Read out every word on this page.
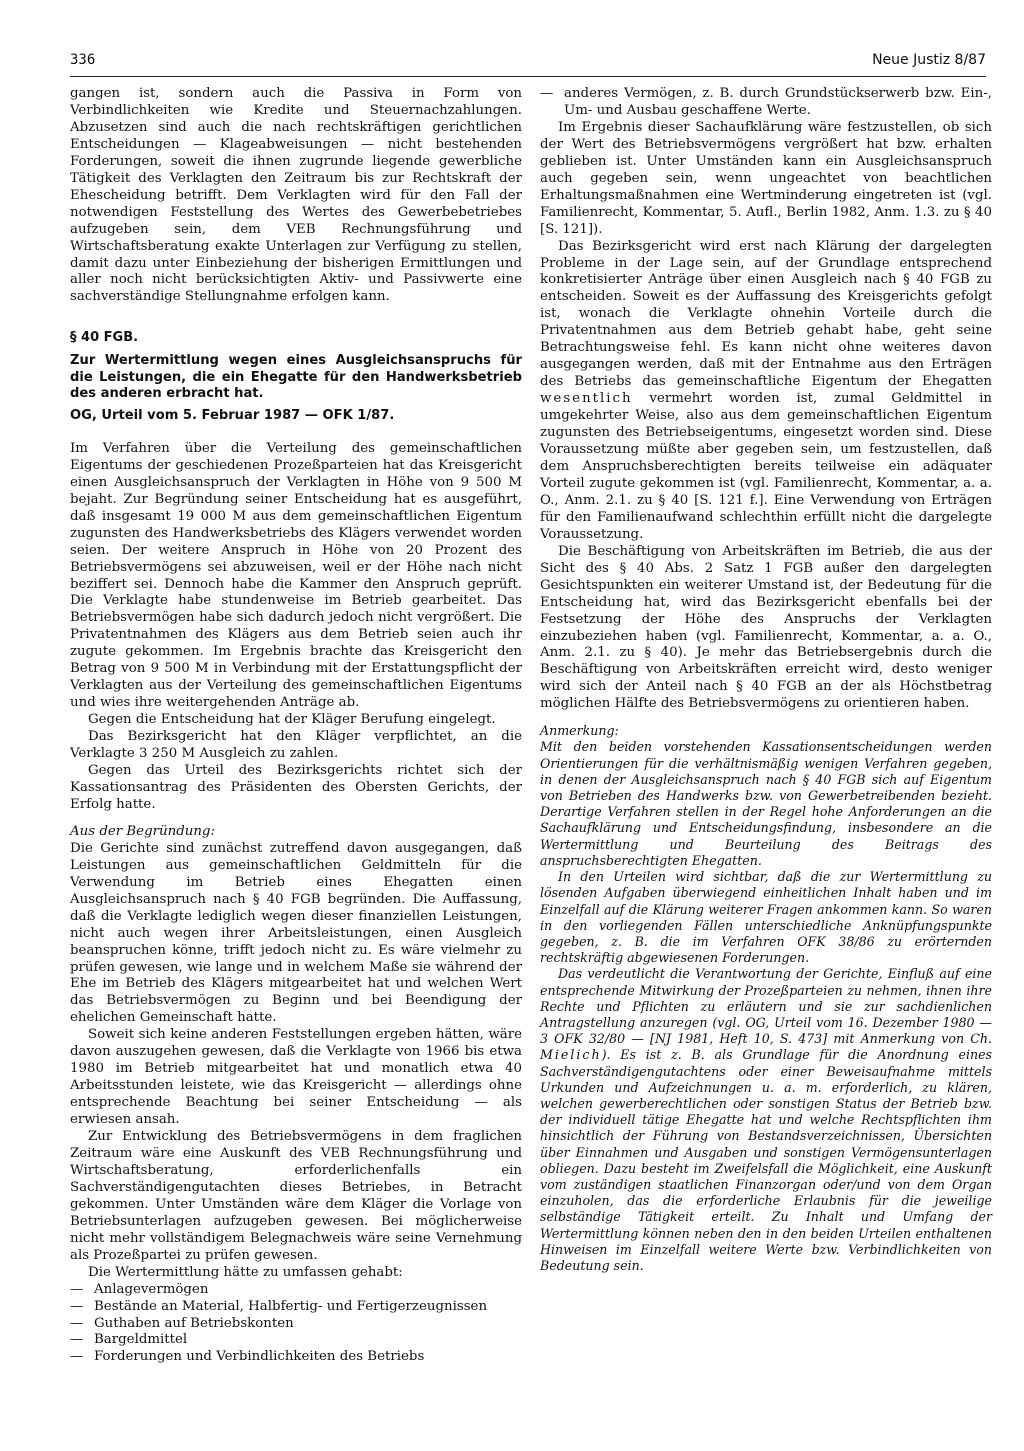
336	Neue Justiz 8/87

gangen ist, sondern auch die Passiva in Form von Verbindlichkeiten wie Kredite und Steuernachzahlungen. Abzusetzen sind auch die nach rechtskräftigen gerichtlichen Entscheidungen — Klageabweisungen — nicht bestehenden Forderungen, soweit die ihnen zugrunde liegende gewerbliche Tätigkeit des Verklagten den Zeitraum bis zur Rechtskraft der Ehescheidung betrifft. Dem Verklagten wird für den Fall der notwendigen Feststellung des Wertes des Gewerbebetriebes aufzugeben sein, dem VEB Rechnungsführung und Wirtschaftsberatung exakte Unterlagen zur Verfügung zu stellen, damit dazu unter Einbeziehung der bisherigen Ermittlungen und aller noch nicht berücksichtigten Aktiv- und Passivwerte eine sachverständige Stellungnahme erfolgen kann.

§ 40 FGB.

Zur Wertermittlung wegen eines Ausgleichsanspruchs für die Leistungen, die ein Ehegatte für den Handwerksbetrieb des anderen erbracht hat.

OG, Urteil vom 5. Februar 1987 — OFK 1/87.

Im Verfahren über die Verteilung des gemeinschaftlichen Eigentums der geschiedenen Prozeßparteien hat das Kreisgericht einen Ausgleichsanspruch der Verklagten in Höhe von 9 500 M bejaht. Zur Begründung seiner Entscheidung hat es ausgeführt, daß insgesamt 19 000 M aus dem gemeinschaftlichen Eigentum zugunsten des Handwerksbetriebs des Klägers verwendet worden seien. Der weitere Anspruch in Höhe von 20 Prozent des Betriebsvermögens sei abzuweisen, weil er der Höhe nach nicht beziffert sei. Dennoch habe die Kammer den Anspruch geprüft. Die Verklagte habe stundenweise im Betrieb gearbeitet. Das Betriebsvermögen habe sich dadurch jedoch nicht vergrößert. Die Privatentnahmen des Klägers aus dem Betrieb seien auch ihr zugute gekommen. Im Ergebnis brachte das Kreisgericht den Betrag von 9 500 M in Verbindung mit der Erstattungspflicht der Verklagten aus der Verteilung des gemeinschaftlichen Eigentums und wies ihre weitergehenden Anträge ab.

Gegen die Entscheidung hat der Kläger Berufung eingelegt.

Das Bezirksgericht hat den Kläger verpflichtet, an die Verklagte 3 250 M Ausgleich zu zahlen.

Gegen das Urteil des Bezirksgerichts richtet sich der Kassationsantrag des Präsidenten des Obersten Gerichts, der Erfolg hatte.

Aus der Begründung:

Die Gerichte sind zunächst zutreffend davon ausgegangen, daß Leistungen aus gemeinschaftlichen Geldmitteln für die Verwendung im Betrieb eines Ehegatten einen Ausgleichsanspruch nach § 40 FGB begründen. Die Auffassung, daß die Verklagte lediglich wegen dieser finanziellen Leistungen, nicht auch wegen ihrer Arbeitsleistungen, einen Ausgleich beanspruchen könne, trifft jedoch nicht zu. Es wäre vielmehr zu prüfen gewesen, wie lange und in welchem Maße sie während der Ehe im Betrieb des Klägers mitgearbeitet hat und welchen Wert das Betriebsvermögen zu Beginn und bei Beendigung der ehelichen Gemeinschaft hatte.

Soweit sich keine anderen Feststellungen ergeben hätten, wäre davon auszugehen gewesen, daß die Verklagte von 1966 bis etwa 1980 im Betrieb mitgearbeitet hat und monatlich etwa 40 Arbeitsstunden leistete, wie das Kreisgericht — allerdings ohne entsprechende Beachtung bei seiner Entscheidung — als erwiesen ansah.

Zur Entwicklung des Betriebsvermögens in dem fraglichen Zeitraum wäre eine Auskunft des VEB Rechnungsführung und Wirtschaftsberatung, erforderlichenfalls ein Sachverständigengutachten dieses Betriebes, in Betracht gekommen. Unter Umständen wäre dem Kläger die Vorlage von Betriebsunterlagen aufzugeben gewesen. Bei möglicherweise nicht mehr vollständigem Belegnachweis wäre seine Vernehmung als Prozeßpartei zu prüfen gewesen.

Die Wertermittlung hätte zu umfassen gehabt:

— Anlagevermögen
— Bestände an Material, Halbfertig- und Fertigerzeugnissen
— Guthaben auf Betriebskonten
— Bargeldmittel
— Forderungen und Verbindlichkeiten des Betriebs
— anderes Vermögen, z. B. durch Grundstückserwerb bzw. Ein-, Um- und Ausbau geschaffene Werte.

Im Ergebnis dieser Sachaufklärung wäre festzustellen, ob sich der Wert des Betriebsvermögens vergrößert hat bzw. erhalten geblieben ist. Unter Umständen kann ein Ausgleichsanspruch auch gegeben sein, wenn ungeachtet von beachtlichen Erhaltungsmaßnahmen eine Wertminderung eingetreten ist (vgl. Familienrecht, Kommentar, 5. Aufl., Berlin 1982, Anm. 1.3. zu § 40 [S. 121]).

Das Bezirksgericht wird erst nach Klärung der dargelegten Probleme in der Lage sein, auf der Grundlage entsprechend konkretisierter Anträge über einen Ausgleich nach § 40 FGB zu entscheiden. Soweit es der Auffassung des Kreisgerichts gefolgt ist, wonach die Verklagte ohnehin Vorteile durch die Privatentnahmen aus dem Betrieb gehabt habe, geht seine Betrachtungsweise fehl. Es kann nicht ohne weiteres davon ausgegangen werden, daß mit der Entnahme aus den Erträgen des Betriebs das gemeinschaftliche Eigentum der Ehegatten wesentlich vermehrt worden ist, zumal Geldmittel in umgekehrter Weise, also aus dem gemeinschaftlichen Eigentum zugunsten des Betriebseigentums, eingesetzt worden sind. Diese Voraussetzung müßte aber gegeben sein, um festzustellen, daß dem Anspruchsberechtigten bereits teilweise ein adäquater Vorteil zugute gekommen ist (vgl. Familienrecht, Kommentar, a. a. O., Anm. 2.1. zu § 40 [S. 121 f.]. Eine Verwendung von Erträgen für den Familienaufwand schlechthin erfüllt nicht die dargelegte Voraussetzung.

Die Beschäftigung von Arbeitskräften im Betrieb, die aus der Sicht des § 40 Abs. 2 Satz 1 FGB außer den dargelegten Gesichtspunkten ein weiterer Umstand ist, der Bedeutung für die Entscheidung hat, wird das Bezirksgericht ebenfalls bei der Festsetzung der Höhe des Anspruchs der Verklagten einzubeziehen haben (vgl. Familienrecht, Kommentar, a. a. O., Anm. 2.1. zu § 40). Je mehr das Betriebsergebnis durch die Beschäftigung von Arbeitskräften erreicht wird, desto weniger wird sich der Anteil nach § 40 FGB an der als Höchstbetrag möglichen Hälfte des Betriebsvermögens zu orientieren haben.

Anmerkung:

Mit den beiden vorstehenden Kassationsentscheidungen werden Orientierungen für die verhältnismäßig wenigen Verfahren gegeben, in denen der Ausgleichsanspruch nach § 40 FGB sich auf Eigentum von Betrieben des Handwerks bzw. von Gewerbetreibenden bezieht. Derartige Verfahren stellen in der Regel hohe Anforderungen an die Sachaufklärung und Entscheidungsfindung, insbesondere an die Wertermittlung und Beurteilung des Beitrags des anspruchsberechtigten Ehegatten.

In den Urteilen wird sichtbar, daß die zur Wertermittlung zu lösenden Aufgaben überwiegend einheitlichen Inhalt haben und im Einzelfall auf die Klärung weiterer Fragen ankommen kann. So waren in den vorliegenden Fällen unterschiedliche Anknüpfungspunkte gegeben, z. B. die im Verfahren OFK 38/86 zu erörternden rechtskräftig abgewiesenen Forderungen.

Das verdeutlicht die Verantwortung der Gerichte, Einfluß auf eine entsprechende Mitwirkung der Prozeßparteien zu nehmen, ihnen ihre Rechte und Pflichten zu erläutern und sie zur sachdienlichen Antragstellung anzuregen (vgl. OG, Urteil vom 16. Dezember 1980 — 3 OFK 32/80 — [NJ 1981, Heft 10, S. 473] mit Anmerkung von Ch. Mielich). Es ist z. B. als Grundlage für die Anordnung eines Sachverständigengutachtens oder einer Beweisaufnahme mittels Urkunden und Aufzeichnungen u. a. m. erforderlich, zu klären, welchen gewerberechtlichen oder sonstigen Status der Betrieb bzw. der individuell tätige Ehegatte hat und welche Rechtspflichten ihm hinsichtlich der Führung von Bestandsverzeichnissen, Übersichten über Einnahmen und Ausgaben und sonstigen Vermögensunterlagen obliegen. Dazu besteht im Zweifelsfall die Möglichkeit, eine Auskunft vom zuständigen staatlichen Finanzorgan oder/und von dem Organ einzuholen, das die erforderliche Erlaubnis für die jeweilige selbständige Tätigkeit erteilt. Zu Inhalt und Umfang der Wertermittlung können neben den in den beiden Urteilen enthaltenen Hinweisen im Einzelfall weitere Werte bzw. Verbindlichkeiten von Bedeutung sein.
